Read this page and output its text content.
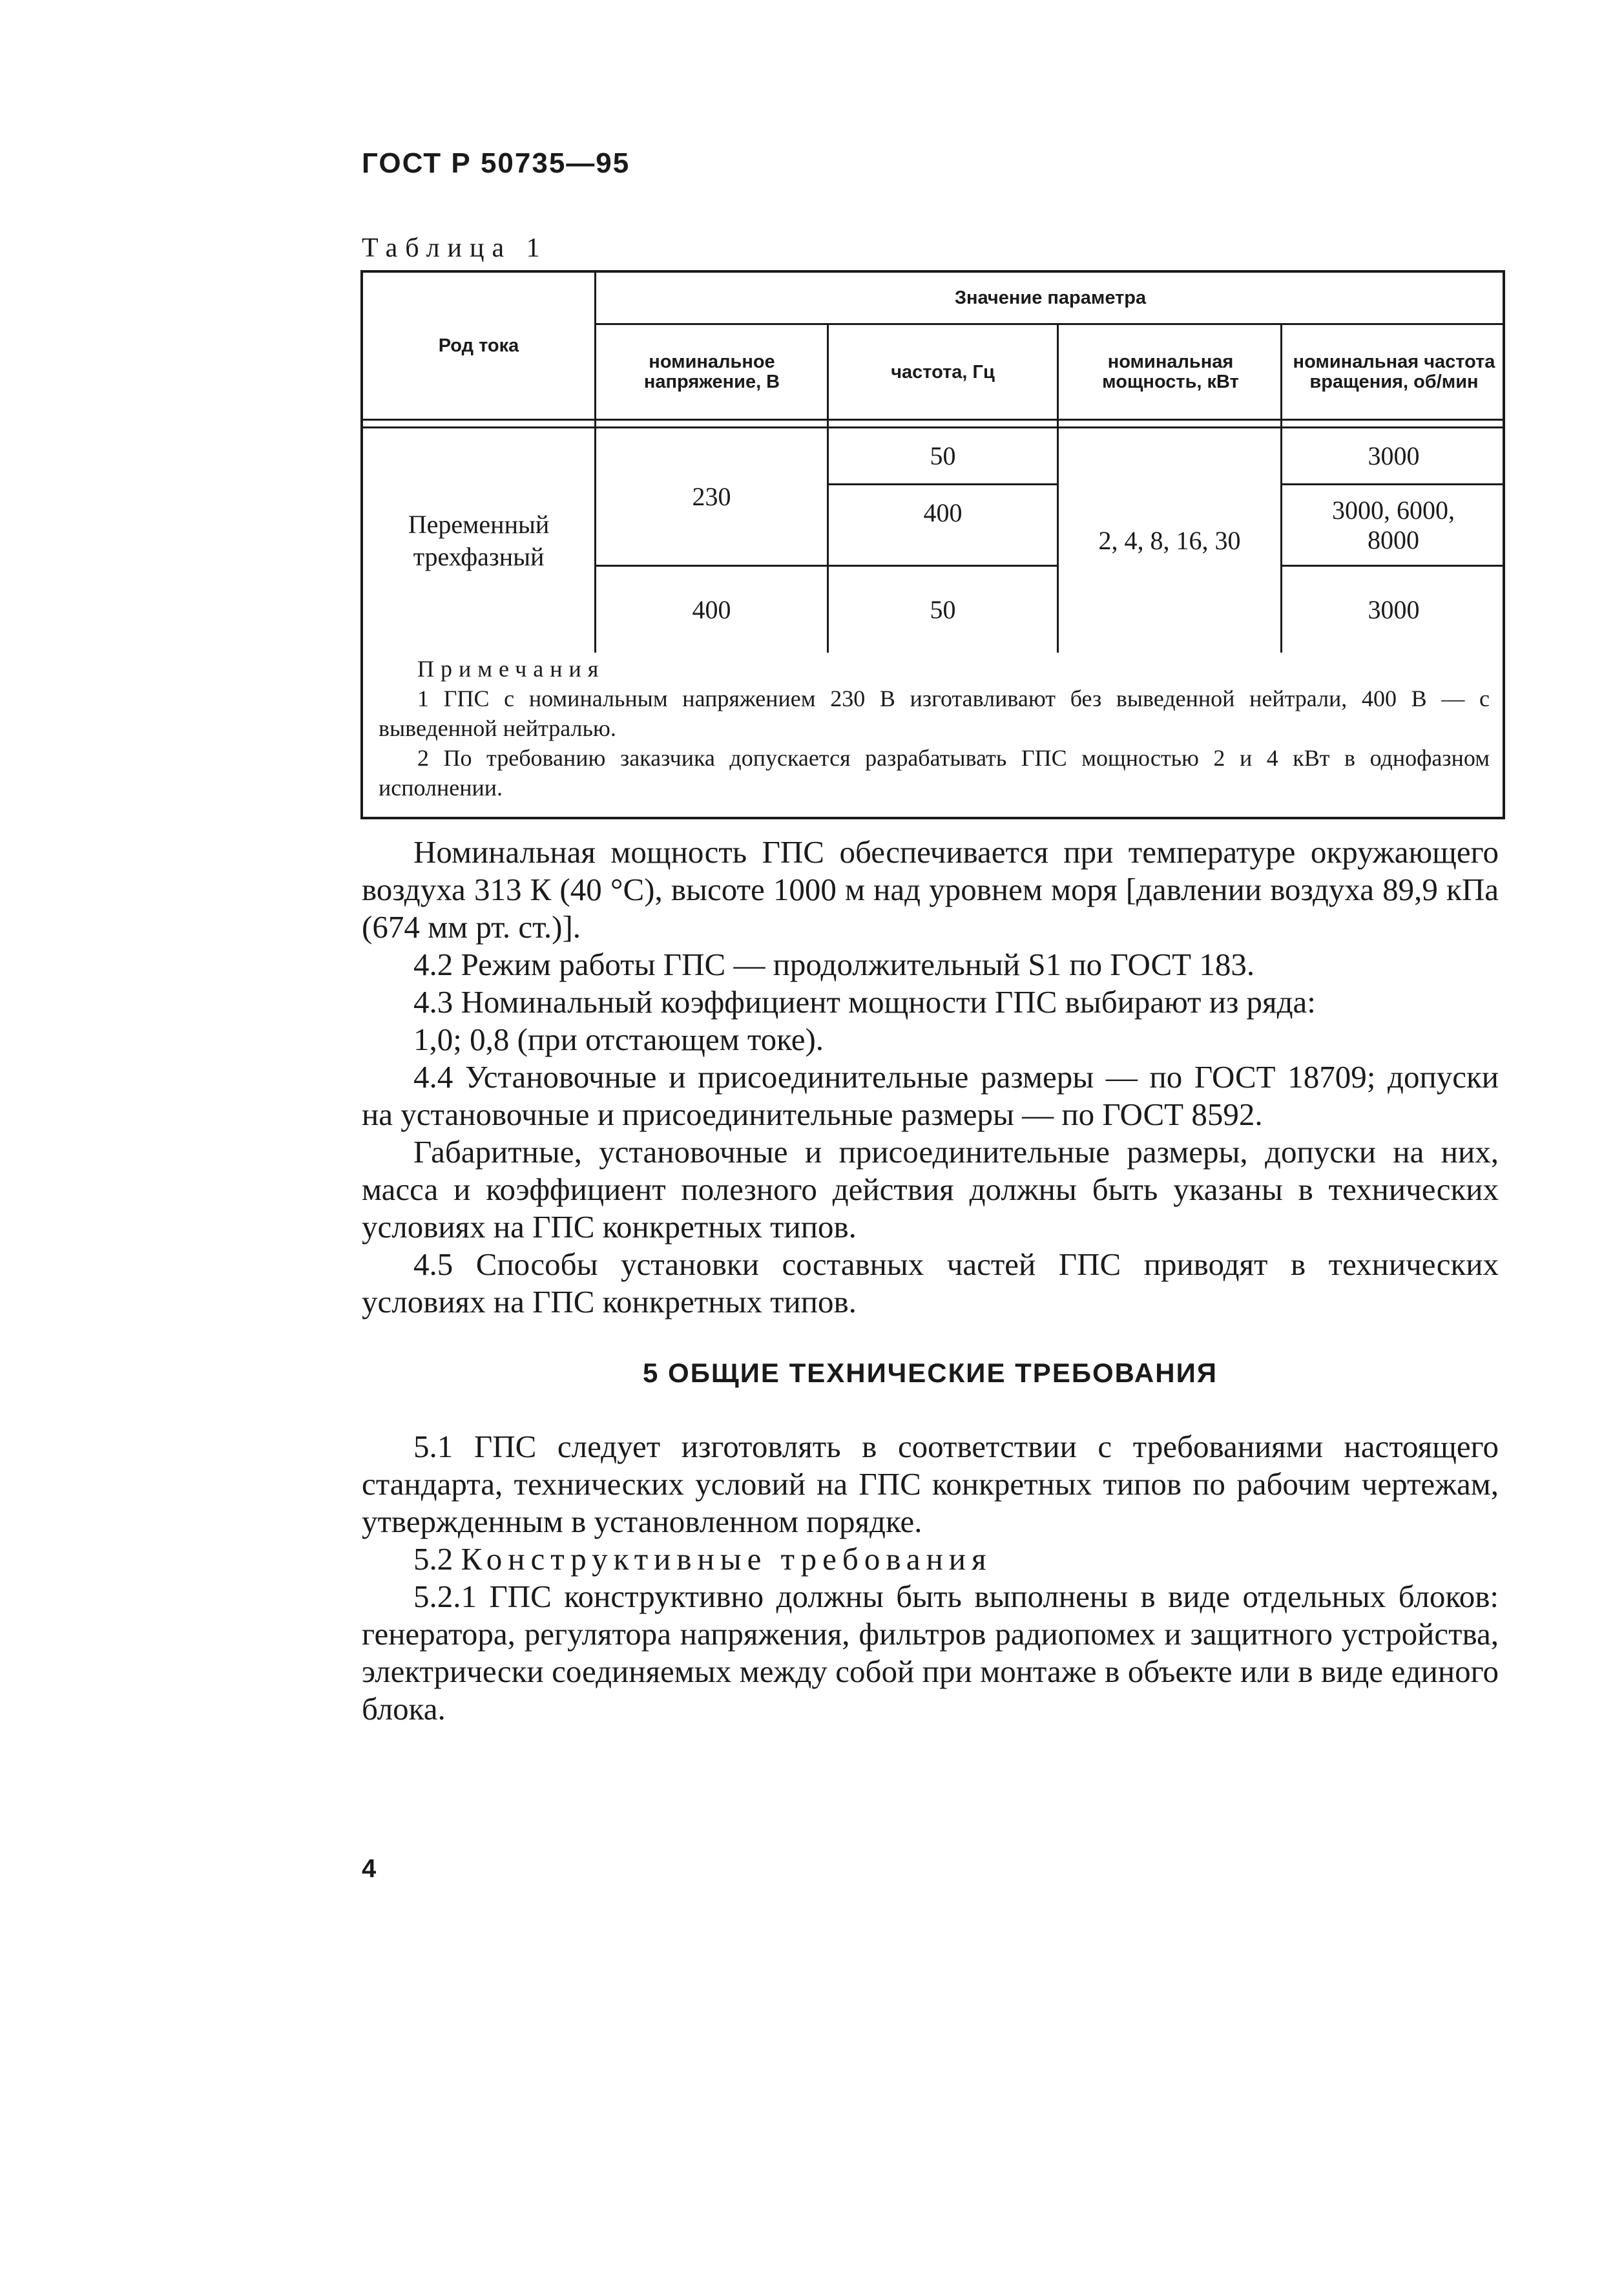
ГОСТ Р 50735—95
Таблица 1
Род тока
Значение параметра
номинальное напряжение, В	частота, Гц	номинальная мощность, кВт
номинальная частота вращения, об/мин
Переменный трехфазный
230
400
50
400
50
2, 4, 8, 16, 30
3000
3000, 6000, 8000
3000
Примечания

1 ГПС с номинальным напряжением 230 В изготавливают без выведенной нейтрали, 400 В — с выведенной нейтралью.

2 По требованию заказчика допускается разрабатывать ГПС мощностью 2 и 4 кВт в однофазном исполнении.

Номинальная мощность ГПС обеспечивается при температуре окружающего воздуха 313 К (40 °С), высоте 1000 м над уровнем моря [давлении воздуха 89,9 кПа (674 мм рт. ст.)].

4.2 Режим работы ГПС — продолжительный S1 по ГОСТ 183.

4.3 Номинальный коэффициент мощности ГПС выбирают из ряда:

1,0; 0,8 (при отстающем токе).

4.4 Установочные и присоединительные размеры — по ГОСТ 18709; допуски на установочные и присоединительные размеры — по ГОСТ 8592.

Габаритные, установочные и присоединительные размеры, допуски на них, масса и коэффициент полезного действия должны быть указаны в технических условиях на ГПС конкретных типов.

4.5 Способы установки составных частей ГПС приводят в технических условиях на ГПС конкретных типов.

5 ОБЩИЕ ТЕХНИЧЕСКИЕ ТРЕБОВАНИЯ

5.1 ГПС следует изготовлять в соответствии с требованиями настоящего стандарта, технических условий на ГПС конкретных типов по рабочим чертежам, утвержденным в установленном порядке.

5.2 Конструктивные требования

5.2.1 ГПС конструктивно должны быть выполнены в виде отдельных блоков: генератора, регулятора напряжения, фильтров радиопомех и защитного устройства, электрически соединяемых между собой при монтаже в объекте или в виде единого блока.

4
